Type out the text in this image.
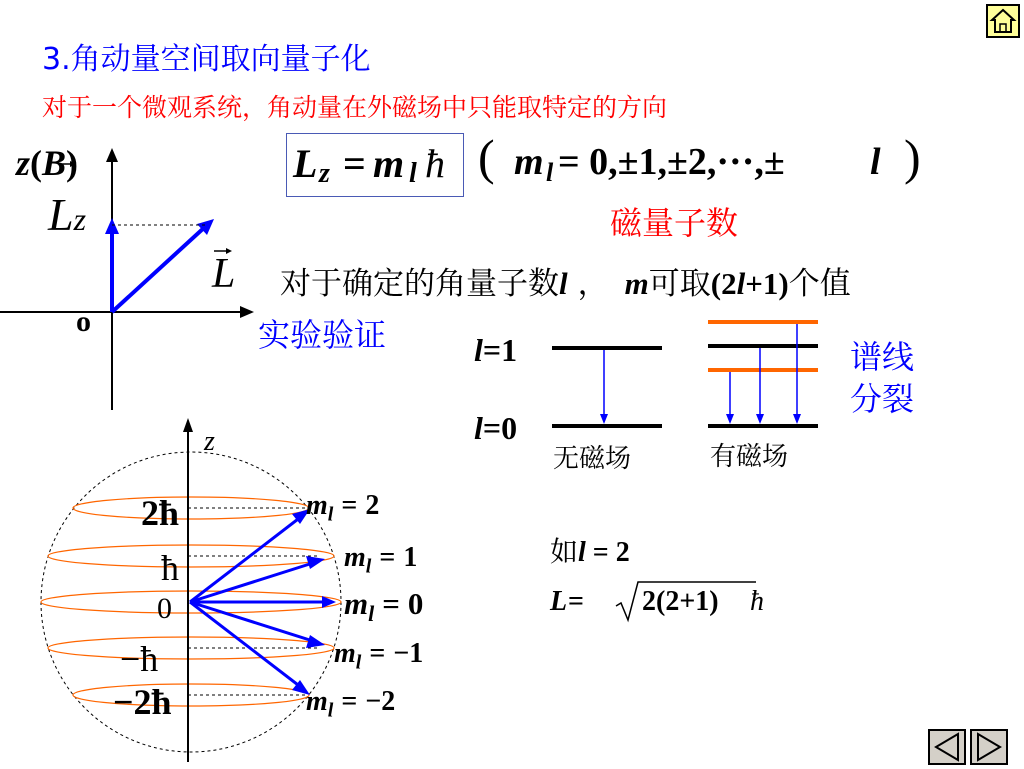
3.角动量空间取向量子化
对于一个微观系统，角动量在外磁场中只能取特定的方向
L z = m l ħ ( m l = 0,±1,±2,···,± l )
磁量子数
z(B)
Lz
L
o
对于确定的角量子数l ， m可取(2l+1)个值
实验验证	l=1
l=0
无磁场	有磁场
谱线
分裂
z
2ħ
ħ
0
−ħ
−2ħ
$m_l = 2$
$m_l = 1$
$m_l = 0$
$m_l = -1$
$m_l = -2$
如l = 2
L = 2(2+1) ħ
